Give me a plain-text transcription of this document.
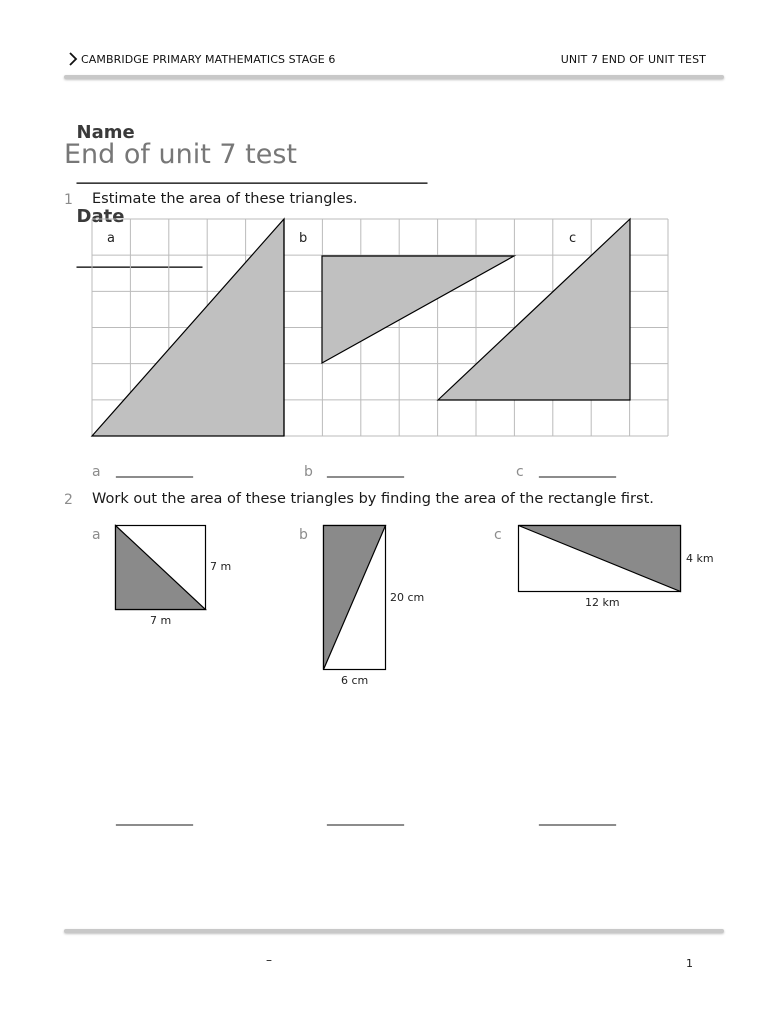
CAMBRIDGE PRIMARY MATHEMATICS STAGE 6	UNIT 7 END OF UNIT TEST

Name

_______________________________________

Date

______________

End of unit 7 test
1 Estimate the area of these triangles.
a	b	c
a ___________	b ___________	c ___________
2 Work out the area of these triangles by finding the area of the rectangle first.
a	b	c
7 m
7 m
20 cm
6 cm
4 km
12 km
___________	___________	___________
–	1
